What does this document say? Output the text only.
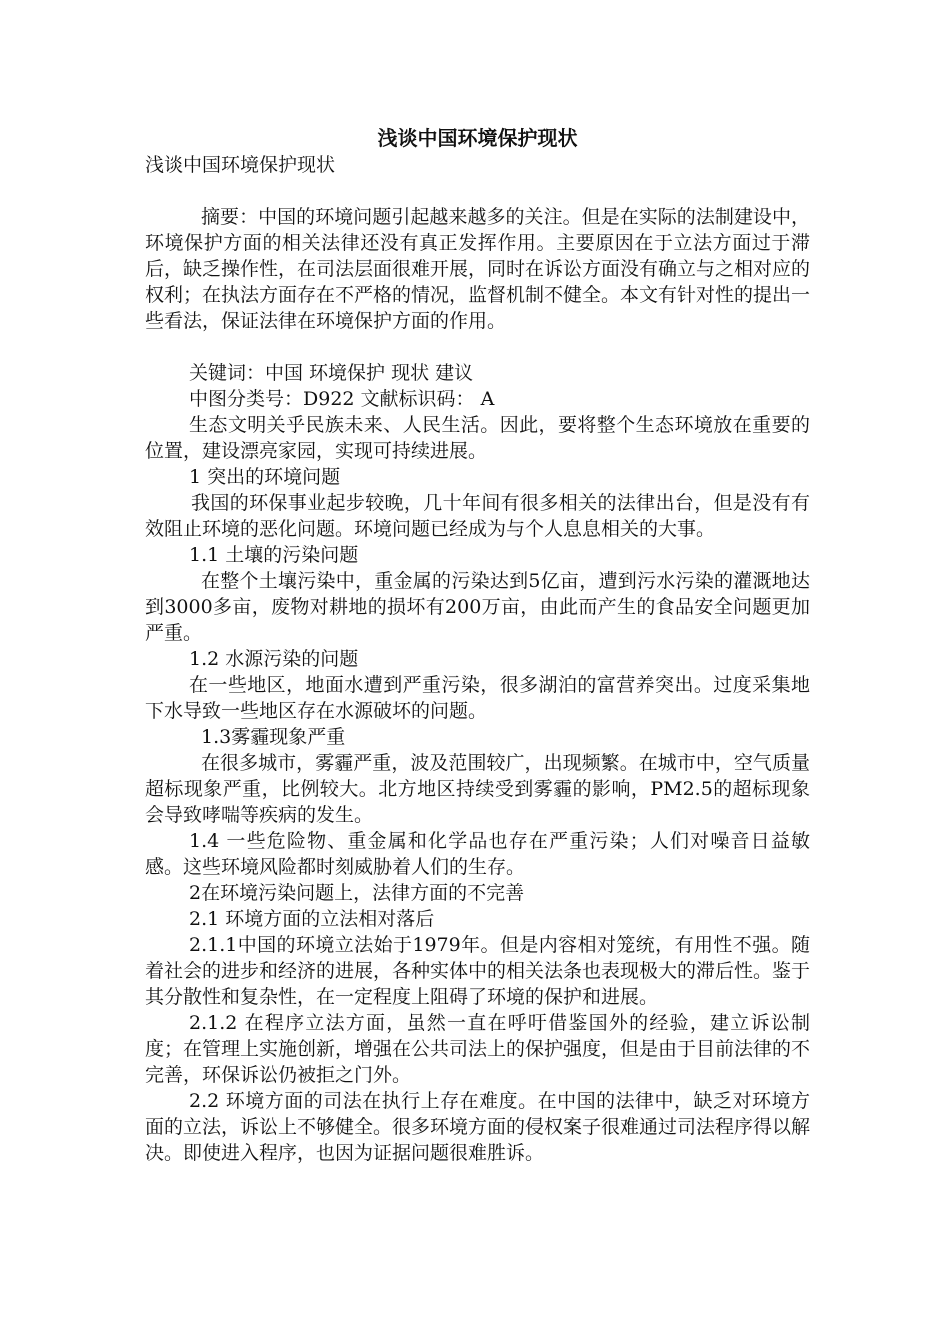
浅谈中国环境保护现状

浅谈中国环境保护现状

摘要：中国的环境问题引起越来越多的关注。但是在实际的法制建设中，环境保护方面的相关法律还没有真正发挥作用。主要原因在于立法方面过于滞后，缺乏操作性，在司法层面很难开展，同时在诉讼方面没有确立与之相对应的权利；在执法方面存在不严格的情况，监督机制不健全。本文有针对性的提出一些看法，保证法律在环境保护方面的作用。

关键词：中国 环境保护 现状 建议

中图分类号：D922 文献标识码： A

生态文明关乎民族未来、人民生活。因此，要将整个生态环境放在重要的位置，建设漂亮家园，实现可持续进展。

1 突出的环境问题

我国的环保事业起步较晚，几十年间有很多相关的法律出台，但是没有有效阻止环境的恶化问题。环境问题已经成为与个人息息相关的大事。

1.1 土壤的污染问题

在整个土壤污染中，重金属的污染达到5亿亩，遭到污水污染的灌溉地达到3000多亩，废物对耕地的损坏有200万亩，由此而产生的食品安全问题更加严重。

1.2 水源污染的问题

在一些地区，地面水遭到严重污染，很多湖泊的富营养突出。过度采集地下水导致一些地区存在水源破坏的问题。

1.3雾霾现象严重

在很多城市，雾霾严重，波及范围较广，出现频繁。在城市中，空气质量超标现象严重，比例较大。北方地区持续受到雾霾的影响，PM2.5的超标现象会导致哮喘等疾病的发生。

1.4 一些危险物、重金属和化学品也存在严重污染；人们对噪音日益敏感。这些环境风险都时刻威胁着人们的生存。

2在环境污染问题上，法律方面的不完善

2.1 环境方面的立法相对落后

2.1.1中国的环境立法始于1979年。但是内容相对笼统，有用性不强。随着社会的进步和经济的进展，各种实体中的相关法条也表现极大的滞后性。鉴于其分散性和复杂性，在一定程度上阻碍了环境的保护和进展。

2.1.2 在程序立法方面，虽然一直在呼吁借鉴国外的经验，建立诉讼制度；在管理上实施创新，增强在公共司法上的保护强度，但是由于目前法律的不完善，环保诉讼仍被拒之门外。

2.2 环境方面的司法在执行上存在难度。在中国的法律中，缺乏对环境方面的立法，诉讼上不够健全。很多环境方面的侵权案子很难通过司法程序得以解决。即使进入程序，也因为证据问题很难胜诉。
